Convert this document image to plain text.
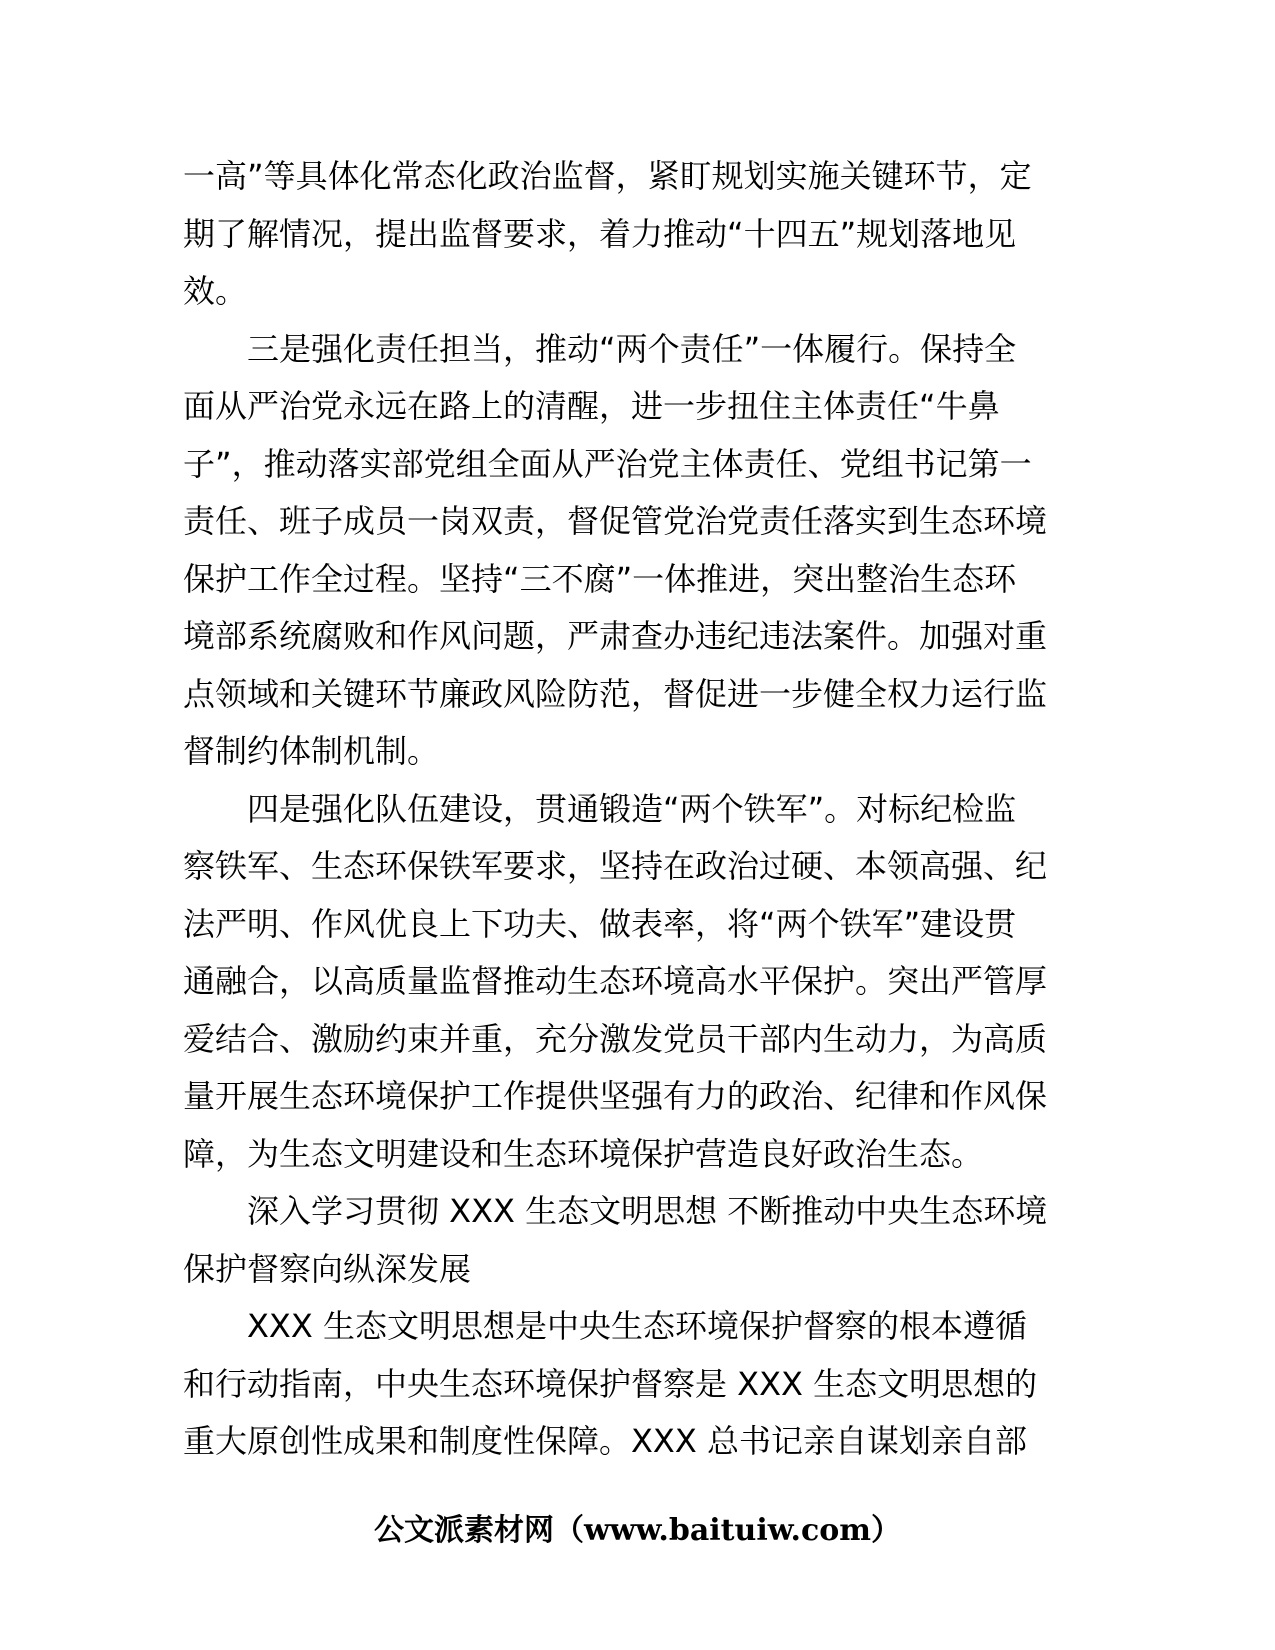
一高”等具体化常态化政治监督，紧盯规划实施关键环节，定
期了解情况，提出监督要求，着力推动“十四五”规划落地见
效。
　　三是强化责任担当，推动“两个责任”一体履行。保持全
面从严治党永远在路上的清醒，进一步扭住主体责任“牛鼻
子”，推动落实部党组全面从严治党主体责任、党组书记第一
责任、班子成员一岗双责，督促管党治党责任落实到生态环境
保护工作全过程。坚持“三不腐”一体推进，突出整治生态环
境部系统腐败和作风问题，严肃查办违纪违法案件。加强对重
点领域和关键环节廉政风险防范，督促进一步健全权力运行监
督制约体制机制。
　　四是强化队伍建设，贯通锻造“两个铁军”。对标纪检监
察铁军、生态环保铁军要求，坚持在政治过硬、本领高强、纪
法严明、作风优良上下功夫、做表率，将“两个铁军”建设贯
通融合，以高质量监督推动生态环境高水平保护。突出严管厚
爱结合、激励约束并重，充分激发党员干部内生动力，为高质
量开展生态环境保护工作提供坚强有力的政治、纪律和作风保
障，为生态文明建设和生态环境保护营造良好政治生态。
　　深入学习贯彻 XXX 生态文明思想 不断推动中央生态环境
保护督察向纵深发展
　　XXX 生态文明思想是中央生态环境保护督察的根本遵循
和行动指南，中央生态环境保护督察是 XXX 生态文明思想的
重大原创性成果和制度性保障。XXX 总书记亲自谋划亲自部
公文派素材网（www.baituiw.com）
